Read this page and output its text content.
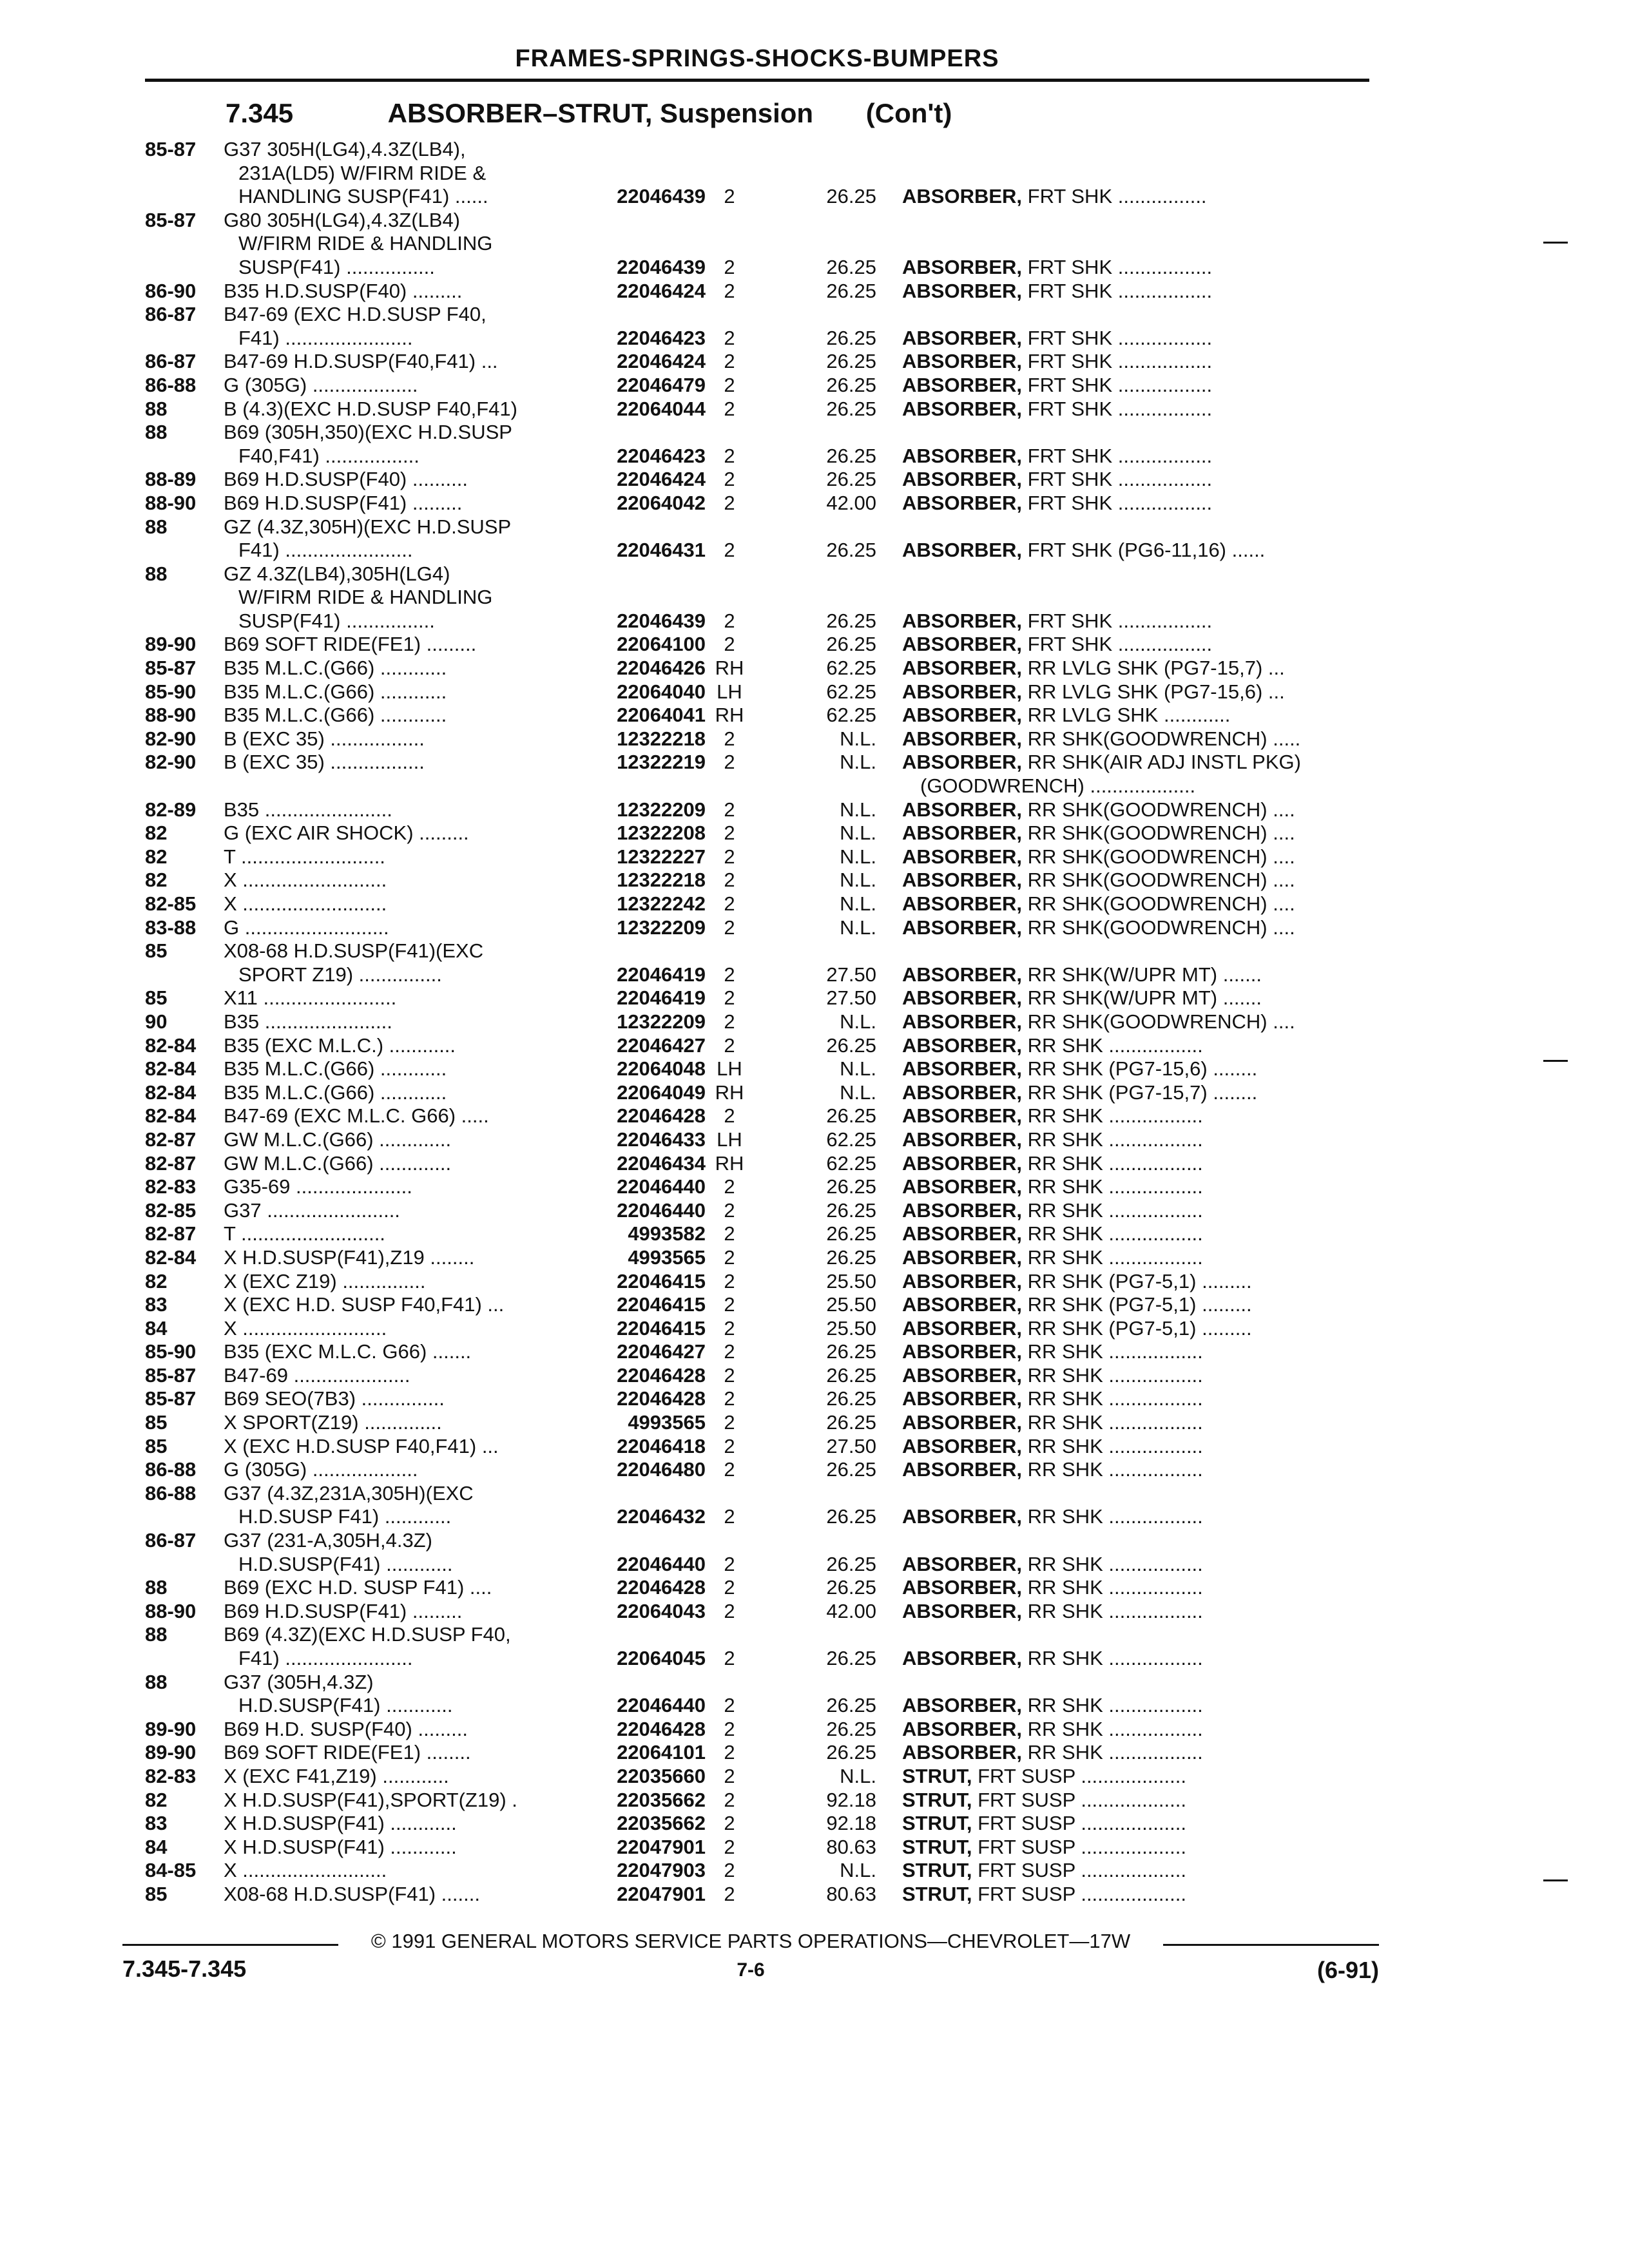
FRAMES-SPRINGS-SHOCKS-BUMPERS
7.345	ABSORBER–STRUT, Suspension (Con't)
85-87	G37 305H(LG4),4.3Z(LB4),
231A(LD5) W/FIRM RIDE &
HANDLING SUSP(F41) ......	22046439 2	26.25 ABSORBER, FRT SHK ................
85-87	G80 305H(LG4),4.3Z(LB4)
W/FIRM RIDE & HANDLING
SUSP(F41) ................	22046439 2	26.25 ABSORBER, FRT SHK .................
86-90	B35 H.D.SUSP(F40) .........	22046424 2	26.25 ABSORBER, FRT SHK .................
86-87	B47-69 (EXC H.D.SUSP F40,
F41) .......................	22046423 2	26.25 ABSORBER, FRT SHK .................
86-87	B47-69 H.D.SUSP(F40,F41) ...	22046424 2	26.25 ABSORBER, FRT SHK .................
86-88	G (305G) ...................	22046479 2	26.25 ABSORBER, FRT SHK .................
88	B (4.3)(EXC H.D.SUSP F40,F41)	22064044 2	26.25 ABSORBER, FRT SHK .................
88	B69 (305H,350)(EXC H.D.SUSP
F40,F41) .................	22046423 2	26.25 ABSORBER, FRT SHK .................
88-89	B69 H.D.SUSP(F40) ..........	22046424 2	26.25 ABSORBER, FRT SHK .................
88-90	B69 H.D.SUSP(F41) .........	22064042 2	42.00 ABSORBER, FRT SHK .................
88	GZ (4.3Z,305H)(EXC H.D.SUSP
F41) .......................	22046431 2	26.25 ABSORBER, FRT SHK (PG6-11,16) ......
88	GZ 4.3Z(LB4),305H(LG4)
W/FIRM RIDE & HANDLING
SUSP(F41) ................	22046439 2	26.25 ABSORBER, FRT SHK .................
89-90	B69 SOFT RIDE(FE1) .........	22064100 2	26.25 ABSORBER, FRT SHK .................
85-87	B35 M.L.C.(G66) ............	22046426 RH	62.25 ABSORBER, RR LVLG SHK (PG7-15,7) ...
85-90	B35 M.L.C.(G66) ............	22064040 LH	62.25 ABSORBER, RR LVLG SHK (PG7-15,6) ...
88-90	B35 M.L.C.(G66) ............	22064041 RH	62.25 ABSORBER, RR LVLG SHK ............
82-90	B (EXC 35) .................	12322218 2	N.L. ABSORBER, RR SHK(GOODWRENCH) .....
82-90	B (EXC 35) .................	12322219 2	N.L. ABSORBER, RR SHK(AIR ADJ INSTL PKG)
(GOODWRENCH) ...................
82-89	B35 .......................	12322209 2	N.L. ABSORBER, RR SHK(GOODWRENCH) ....
82	G (EXC AIR SHOCK) .........	12322208 2	N.L. ABSORBER, RR SHK(GOODWRENCH) ....
82	T ..........................	12322227 2	N.L. ABSORBER, RR SHK(GOODWRENCH) ....
82	X ..........................	12322218 2	N.L. ABSORBER, RR SHK(GOODWRENCH) ....
82-85	X ..........................	12322242 2	N.L. ABSORBER, RR SHK(GOODWRENCH) ....
83-88	G ..........................	12322209 2	N.L. ABSORBER, RR SHK(GOODWRENCH) ....
85	X08-68 H.D.SUSP(F41)(EXC
SPORT Z19) ...............	22046419 2	27.50 ABSORBER, RR SHK(W/UPR MT) .......
85	X11 ........................	22046419 2	27.50 ABSORBER, RR SHK(W/UPR MT) .......
90	B35 .......................	12322209 2	N.L. ABSORBER, RR SHK(GOODWRENCH) ....
82-84	B35 (EXC M.L.C.) ............	22046427 2	26.25 ABSORBER, RR SHK .................
82-84	B35 M.L.C.(G66) ............	22064048 LH	N.L. ABSORBER, RR SHK (PG7-15,6) ........
82-84	B35 M.L.C.(G66) ............	22064049 RH	N.L. ABSORBER, RR SHK (PG7-15,7) ........
82-84	B47-69 (EXC M.L.C. G66) .....	22046428 2	26.25 ABSORBER, RR SHK .................
82-87	GW M.L.C.(G66) .............	22046433 LH	62.25 ABSORBER, RR SHK .................
82-87	GW M.L.C.(G66) .............	22046434 RH	62.25 ABSORBER, RR SHK .................
82-83	G35-69 .....................	22046440 2	26.25 ABSORBER, RR SHK .................
82-85	G37 ........................	22046440 2	26.25 ABSORBER, RR SHK .................
82-87	T ..........................	4993582 2	26.25 ABSORBER, RR SHK .................
82-84	X H.D.SUSP(F41),Z19 ........	4993565 2	26.25 ABSORBER, RR SHK .................
82	X (EXC Z19) ...............	22046415 2	25.50 ABSORBER, RR SHK (PG7-5,1) .........
83	X (EXC H.D. SUSP F40,F41) ...	22046415 2	25.50 ABSORBER, RR SHK (PG7-5,1) .........
84	X ..........................	22046415 2	25.50 ABSORBER, RR SHK (PG7-5,1) .........
85-90	B35 (EXC M.L.C. G66) .......	22046427 2	26.25 ABSORBER, RR SHK .................
85-87	B47-69 .....................	22046428 2	26.25 ABSORBER, RR SHK .................
85-87	B69 SEO(7B3) ...............	22046428 2	26.25 ABSORBER, RR SHK .................
85	X SPORT(Z19) ..............	4993565 2	26.25 ABSORBER, RR SHK .................
85	X (EXC H.D.SUSP F40,F41) ...	22046418 2	27.50 ABSORBER, RR SHK .................
86-88	G (305G) ...................	22046480 2	26.25 ABSORBER, RR SHK .................
86-88	G37 (4.3Z,231A,305H)(EXC
H.D.SUSP F41) ............	22046432 2	26.25 ABSORBER, RR SHK .................
86-87	G37 (231-A,305H,4.3Z)
H.D.SUSP(F41) ............	22046440 2	26.25 ABSORBER, RR SHK .................
88	B69 (EXC H.D. SUSP F41) ....	22046428 2	26.25 ABSORBER, RR SHK .................
88-90	B69 H.D.SUSP(F41) .........	22064043 2	42.00 ABSORBER, RR SHK .................
88	B69 (4.3Z)(EXC H.D.SUSP F40,
F41) .......................	22064045 2	26.25 ABSORBER, RR SHK .................
88	G37 (305H,4.3Z)
H.D.SUSP(F41) ............	22046440 2	26.25 ABSORBER, RR SHK .................
89-90	B69 H.D. SUSP(F40) .........	22046428 2	26.25 ABSORBER, RR SHK .................
89-90	B69 SOFT RIDE(FE1) ........	22064101 2	26.25 ABSORBER, RR SHK .................
82-83	X (EXC F41,Z19) ............	22035660 2	N.L. STRUT, FRT SUSP ...................
82	X H.D.SUSP(F41),SPORT(Z19) .	22035662 2	92.18 STRUT, FRT SUSP ...................
83	X H.D.SUSP(F41) ............	22035662 2	92.18 STRUT, FRT SUSP ...................
84	X H.D.SUSP(F41) ............	22047901 2	80.63 STRUT, FRT SUSP ...................
84-85	X ..........................	22047903 2	N.L. STRUT, FRT SUSP ...................
85	X08-68 H.D.SUSP(F41) .......	22047901 2	80.63 STRUT, FRT SUSP ...................
© 1991 GENERAL MOTORS SERVICE PARTS OPERATIONS—CHEVROLET—17W
7.345-7.345	7-6	(6-91)
